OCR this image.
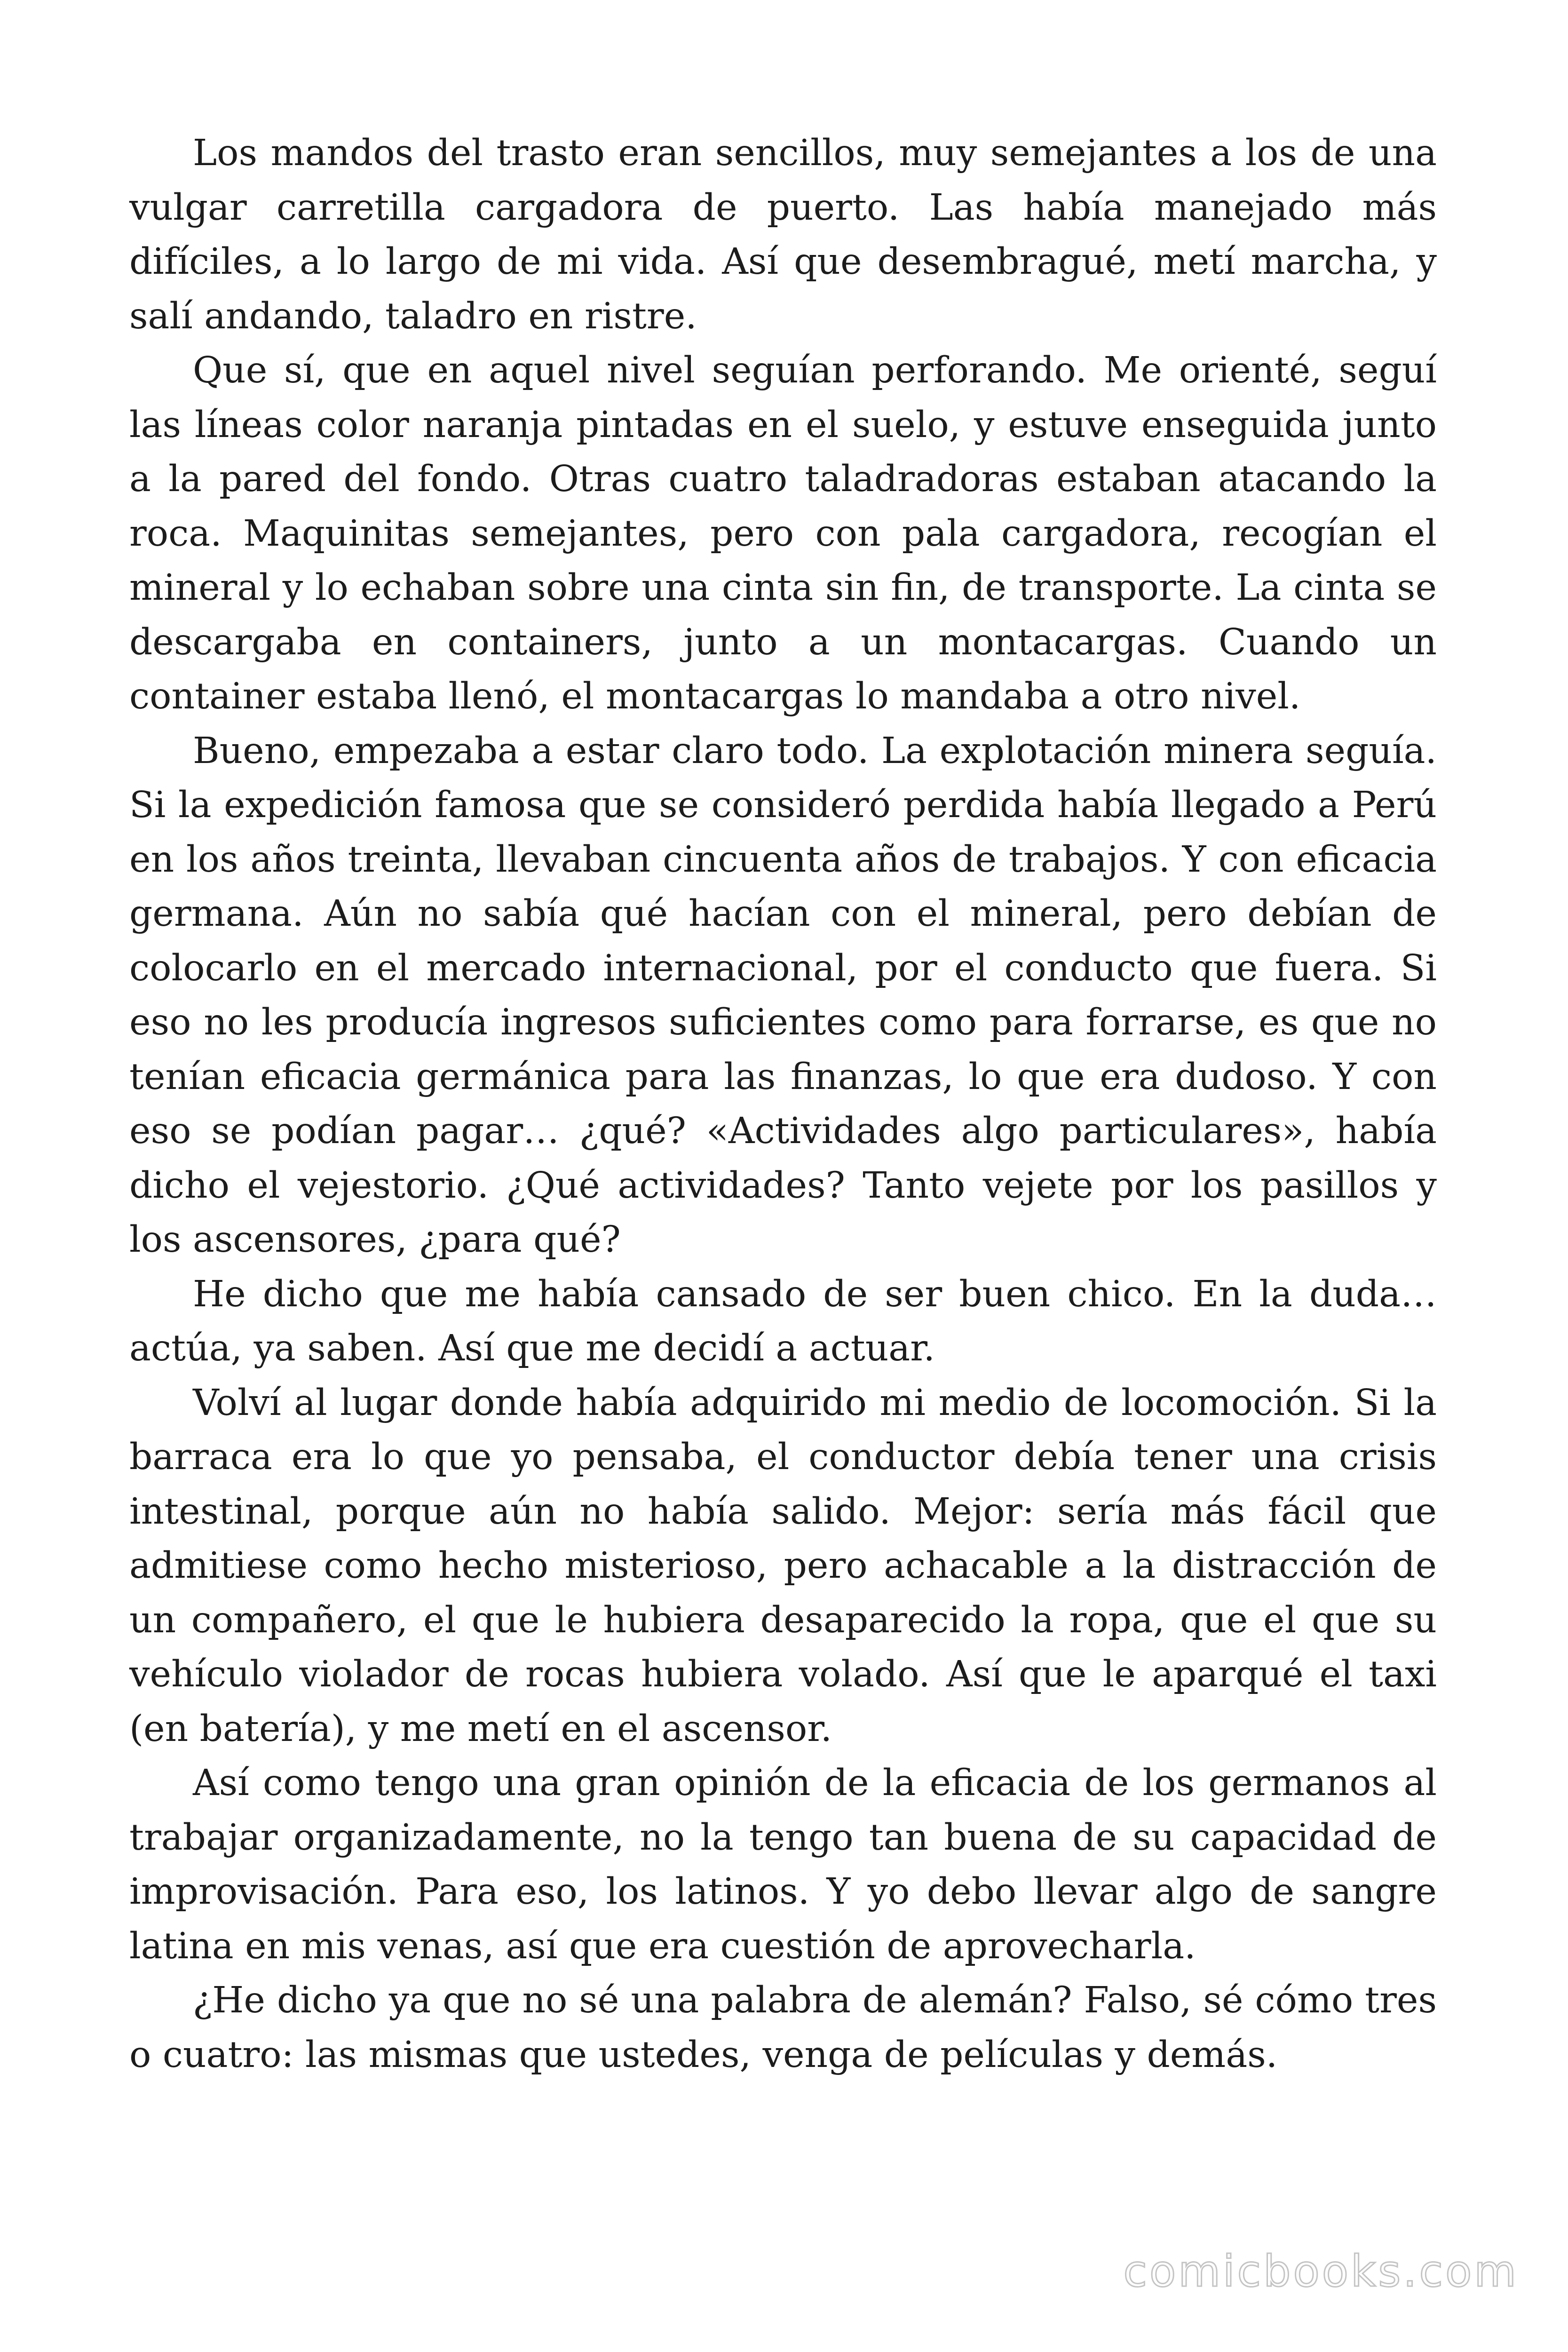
Los mandos del trasto eran sencillos, muy semejantes a los de una vulgar carretilla cargadora de puerto. Las había manejado más difíciles, a lo largo de mi vida. Así que desembragué, metí marcha, y salí andando, taladro en ristre.

Que sí, que en aquel nivel seguían perforando. Me orienté, seguí las líneas color naranja pintadas en el suelo, y estuve enseguida junto a la pared del fondo. Otras cuatro taladradoras estaban atacando la roca. Maquinitas semejantes, pero con pala cargadora, recogían el mineral y lo echaban sobre una cinta sin fin, de transporte. La cinta se descargaba en containers, junto a un montacargas. Cuando un container estaba llenó, el montacargas lo mandaba a otro nivel.

Bueno, empezaba a estar claro todo. La explotación minera seguía. Si la expedición famosa que se consideró perdida había llegado a Perú en los años treinta, llevaban cincuenta años de trabajos. Y con eficacia germana. Aún no sabía qué hacían con el mineral, pero debían de colocarlo en el mercado internacional, por el conducto que fuera. Si eso no les producía ingresos suficientes como para forrarse, es que no tenían eficacia germánica para las finanzas, lo que era dudoso. Y con eso se podían pagar… ¿qué? «Actividades algo particulares», había dicho el vejestorio. ¿Qué actividades? Tanto vejete por los pasillos y los ascensores, ¿para qué?

He dicho que me había cansado de ser buen chico. En la duda… actúa, ya saben. Así que me decidí a actuar.

Volví al lugar donde había adquirido mi medio de locomoción. Si la barraca era lo que yo pensaba, el conductor debía tener una crisis intestinal, porque aún no había salido. Mejor: sería más fácil que admitiese como hecho misterioso, pero achacable a la distracción de un compañero, el que le hubiera desaparecido la ropa, que el que su vehículo violador de rocas hubiera volado. Así que le aparqué el taxi (en batería), y me metí en el ascensor.

Así como tengo una gran opinión de la eficacia de los germanos al trabajar organizadamente, no la tengo tan buena de su capacidad de improvisación. Para eso, los latinos. Y yo debo llevar algo de sangre latina en mis venas, así que era cuestión de aprovecharla.

¿He dicho ya que no sé una palabra de alemán? Falso, sé cómo tres o cuatro: las mismas que ustedes, venga de películas y demás.

comicbooks.com
